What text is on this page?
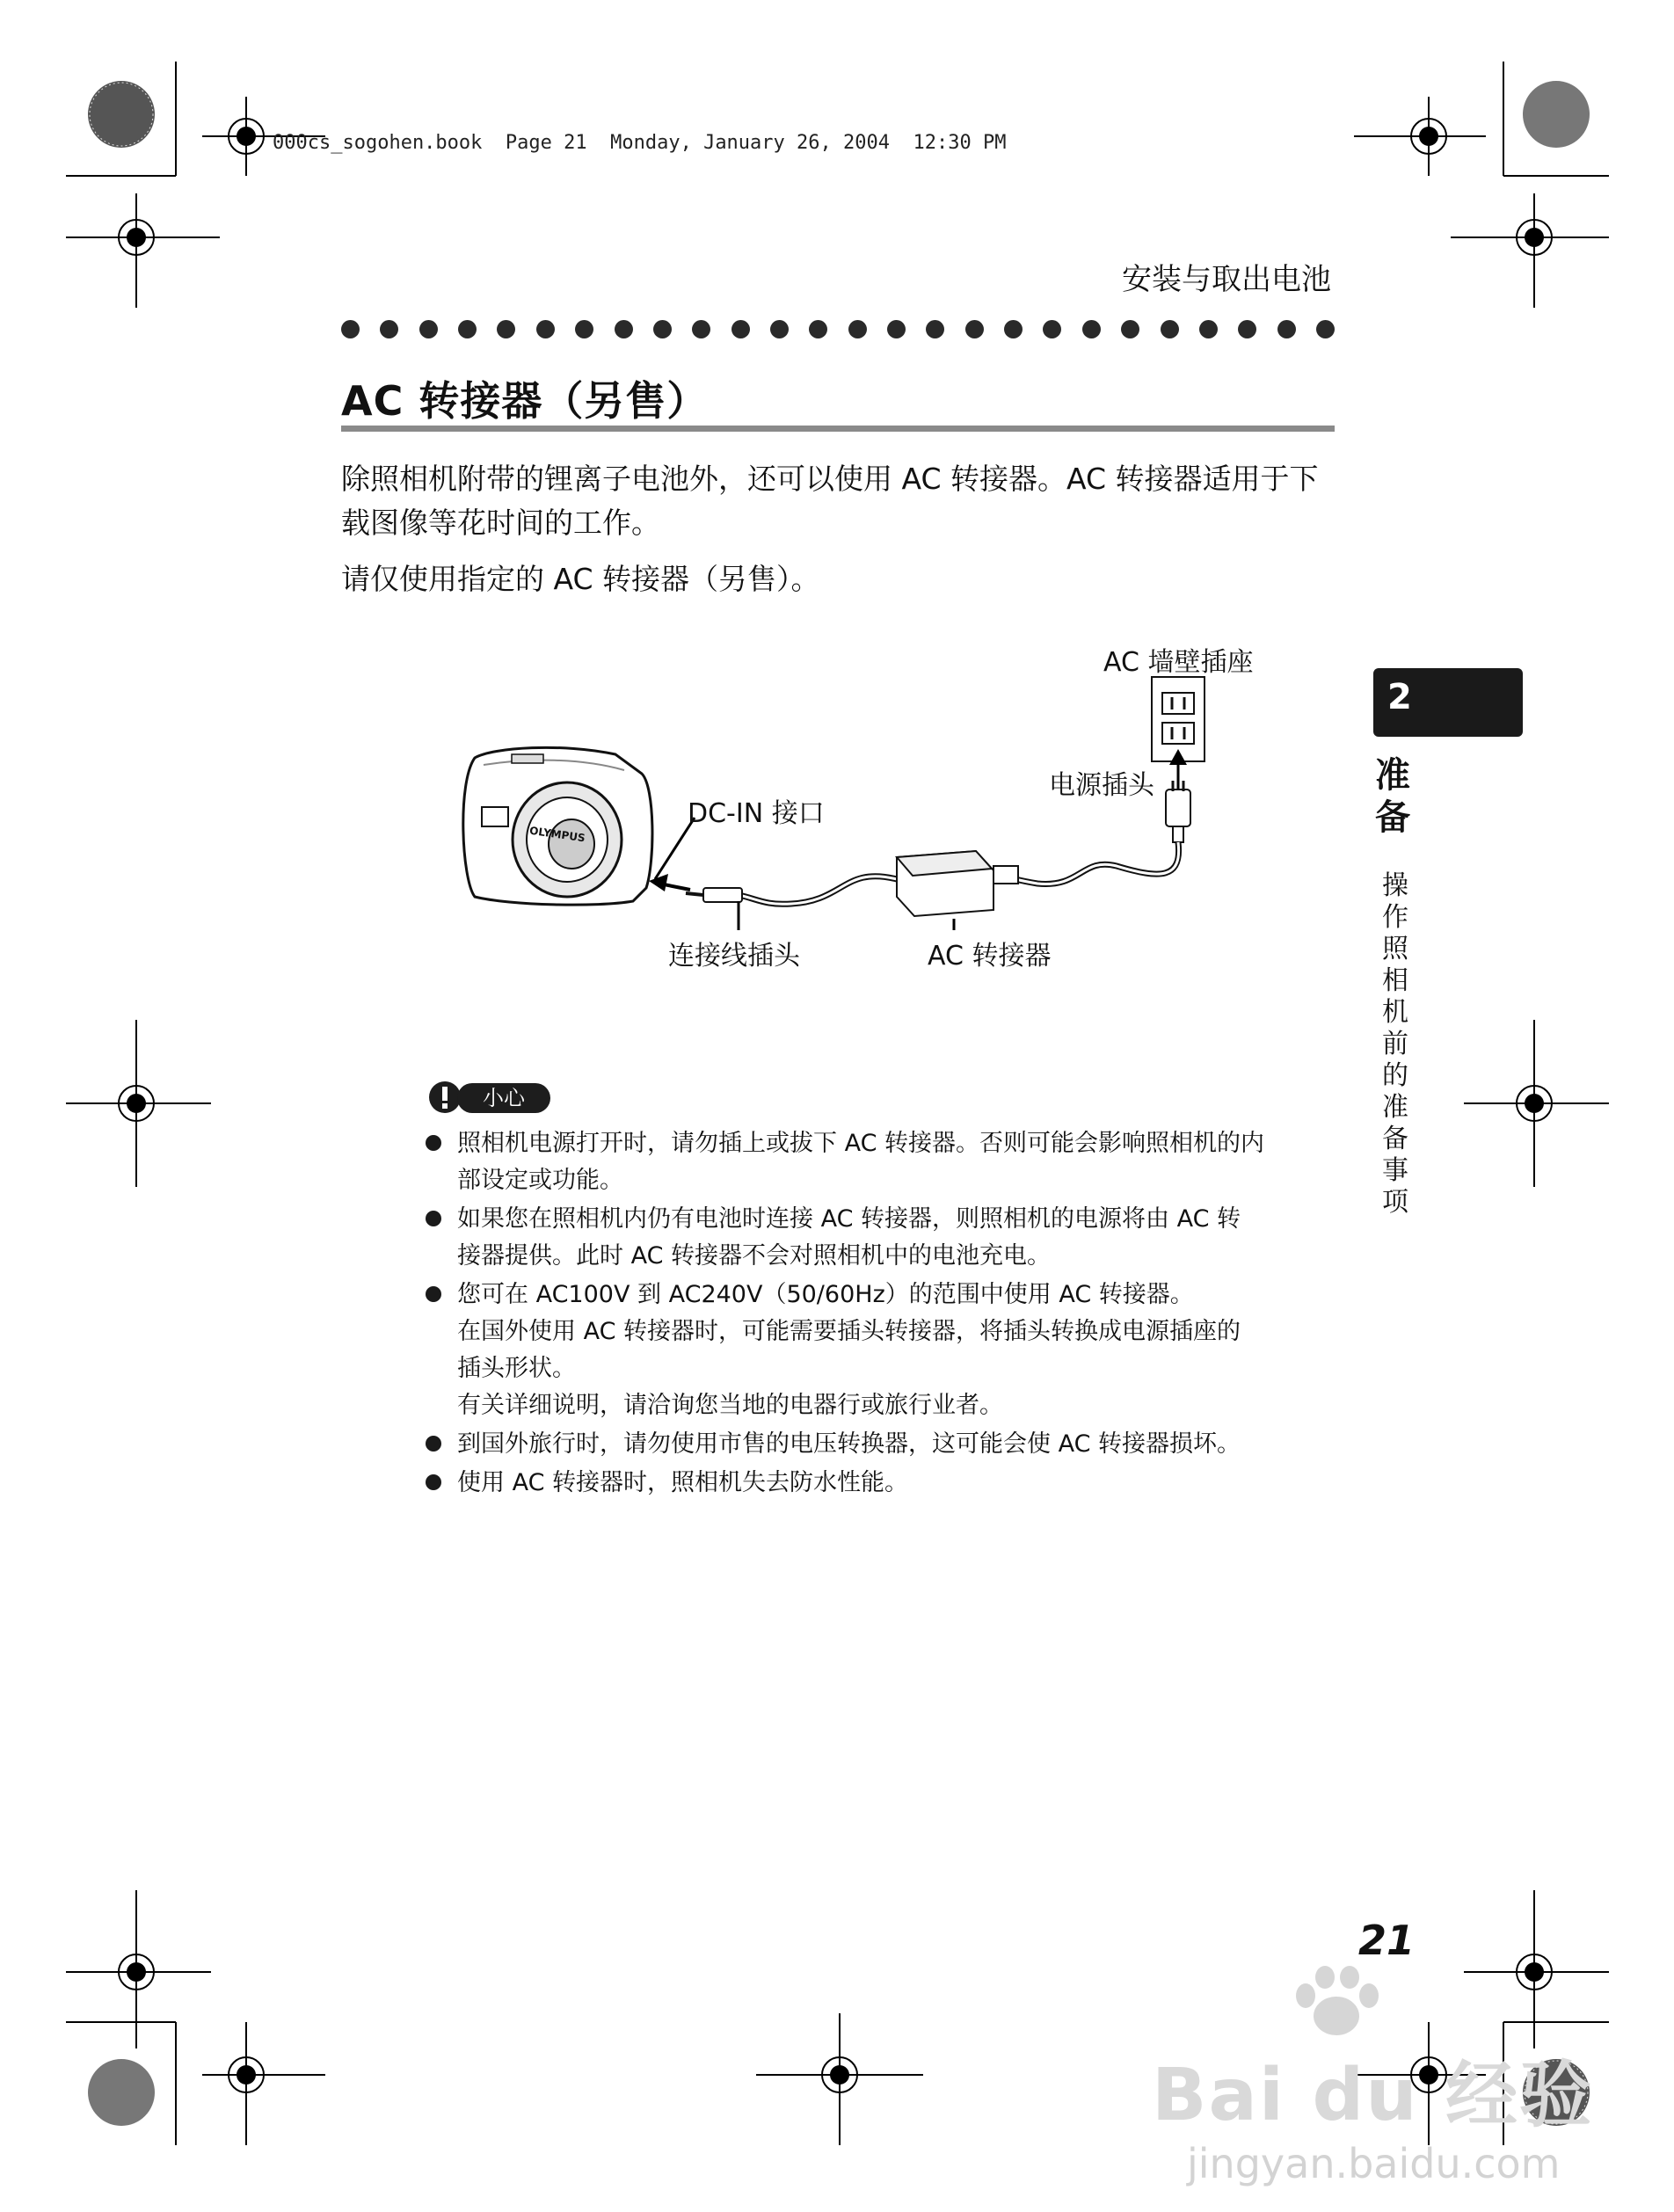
000cs_sogohen.book  Page 21  Monday, January 26, 2004  12:30 PM
安装与取出电池
AC 转接器（另售）
除照相机附带的锂离子电池外，还可以使用 AC 转接器。AC 转接器适用于下载图像等花时间的工作。
请仅使用指定的 AC 转接器（另售）。
AC 墙壁插座
电源插头
DC-IN 接口
连接线插头	AC 转接器
OLYMPUS
2
准备
操作照相机前的准备事项
小心
照相机电源打开时，请勿插上或拔下 AC 转接器。否则可能会影响照相机的内
部设定或功能。
如果您在照相机内仍有电池时连接 AC 转接器，则照相机的电源将由 AC 转
接器提供。此时 AC 转接器不会对照相机中的电池充电。
您可在 AC100V 到 AC240V（50/60Hz）的范围中使用 AC 转接器。
在国外使用 AC 转接器时，可能需要插头转接器，将插头转换成电源插座的
插头形状。
有关详细说明，请洽询您当地的电器行或旅行业者。
到国外旅行时，请勿使用市售的电压转换器，这可能会使 AC 转接器损坏。
使用 AC 转接器时，照相机失去防水性能。
21
Bai du 经验
jingyan.baidu.com
